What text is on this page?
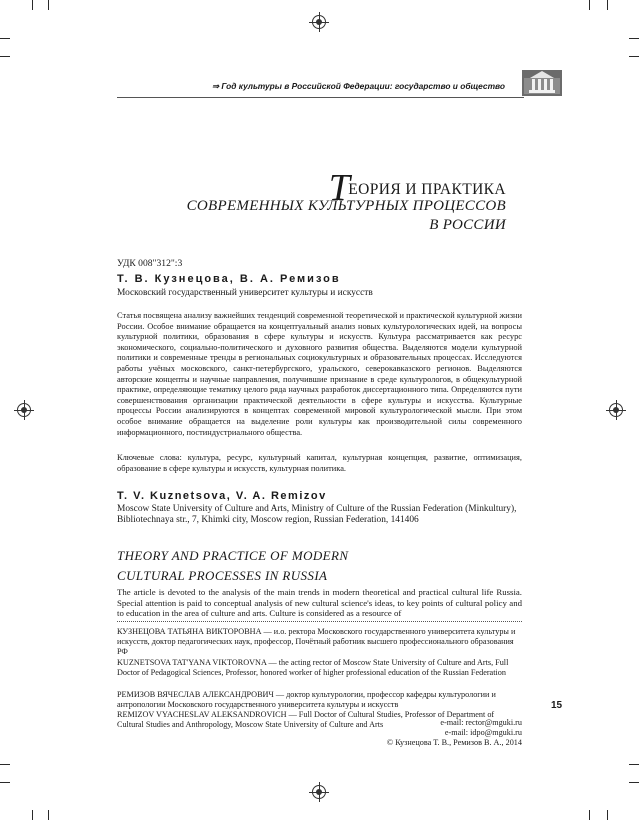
⇒ Год культуры в Российской Федерации: государство и общество
ТЕОРИЯ И ПРАКТИКА
СОВРЕМЕННЫХ КУЛЬТУРНЫХ ПРОЦЕССОВ
В РОССИИ
УДК 008"312":3
Т. В. Кузнецова, В. А. Ремизов
Московский государственный университет культуры и искусств
Статья посвящена анализу важнейших тенденций современной теоретической и практической культурной жизни России. Особое внимание обращается на концептуальный анализ новых культурологических идей, на вопросы культурной политики, образования в сфере культуры и искусств. Культура рассматривается как ресурс экономического, социально-политического и духовного развития общества. Выделяются модели культурной политики и современные тренды в региональных социокультурных и образовательных процессах. Исследуются работы учёных московского, санкт-петербургского, уральского, северокавказского регионов. Выделяются авторские концепты и научные направления, получившие признание в среде культурологов, в общекультурной практике, определяющие тематику целого ряда научных разработок диссертационного типа. Определяются пути совершенствования организации практической деятельности в сфере культуры и искусства. Культурные процессы России анализируются в концептах современной мировой культурологической мысли. При этом особое внимание обращается на выделение роли культуры как производительной силы современного информационного, постиндустриального общества.
Ключевые слова: культура, ресурс, культурный капитал, культурная концепция, развитие, оптимизация, образование в сфере культуры и искусств, культурная политика.
T. V. Kuznetsova, V. A. Remizov
Moscow State University of Culture and Arts, Ministry of Culture of the Russian Federation (Minkultury), Bibliotechnaya str., 7, Khimki city, Moscow region, Russian Federation, 141406
THEORY AND PRACTICE OF MODERN
CULTURAL PROCESSES IN RUSSIA
The article is devoted to the analysis of the main trends in modern theoretical and practical cultural life Russia. Special attention is paid to conceptual analysis of new cultural science's ideas, to key points of cultural policy and to education in the area of culture and arts. Culture is considered as a resource of
КУЗНЕЦОВА ТАТЬЯНА ВИКТОРОВНА — и.о. ректора Московского государственного университета культуры и искусств, доктор педагогических наук, профессор, Почётный работник высшего профессионального образования РФ
KUZNETSOVA TAT'YANA VIKTOROVNA — the acting rector of Moscow State University of Culture and Arts, Full Doctor of Pedagogical Sciences, Professor, honored worker of higher professional education of the Russian Federation
РЕМИЗОВ ВЯЧЕСЛАВ АЛЕКСАНДРОВИЧ — доктор культурологии, профессор кафедры культурологии и антропологии Московского государственного университета культуры и искусств
REMIZOV VYACHESLAV ALEKSANDROVICH — Full Doctor of Cultural Studies, Professor of Department of Cultural Studies and Anthropology, Moscow State University of Culture and Arts	e-mail: rector@mguki.ru
e-mail: idpo@mguki.ru
© Кузнецова Т. В., Ремизов В. А., 2014
15
